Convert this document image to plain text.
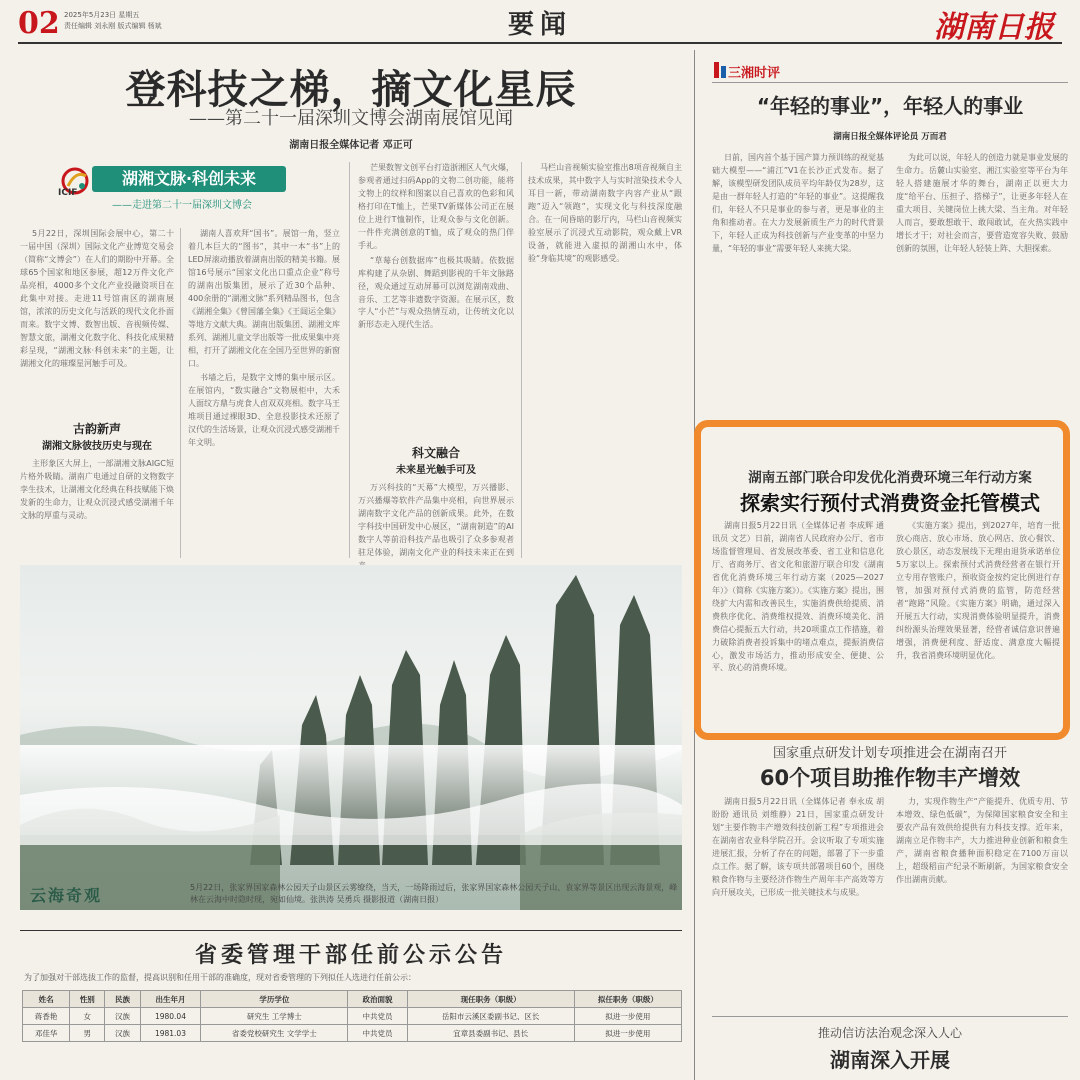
02 2025年5月23日 星期五
责任编辑 刘永刚 版式编辑 杨斌	要闻	湖南日报
登科技之梯，摘文化星辰
——第二十一届深圳文博会湖南展馆见闻
湖南日报全媒体记者 邓正可
ICIF
湖湘文脉·科创未来
——走进第二十一届深圳文博会

5月22日，深圳国际会展中心，第二十一届中国（深圳）国际文化产业博览交易会（简称“文博会”）在人们的期盼中开幕。全球65个国家和地区参展，超12万件文化产品亮相，4000多个文化产业投融资项目在此集中对接。走进11号馆南区的湖南展馆，浓浓的历史文化与活跃的现代文化扑面而来。数字文博、数智出版、音视频传媒、智慧文旅，湖湘文化数字化、科技化成果精彩呈现，“湖湘文脉·科创未来”的主题，让湖湘文化的璀璨星河触手可及。

古韵新声
湖湘文脉彼技历史与现在

主形象区大屏上，一部湖湘文脉AIGC短片格外吸睛。湖南广电通过自研的文物数字孪生技术，让湖湘文化经典在科技赋能下焕发新的生命力，让观众沉浸式感受湖湘千年文脉的厚重与灵动。

湖南人喜欢拜“国书”。展馆一角，竖立着几本巨大的“图书”，其中一本“书”上的LED屏滚动播放着湖南出版的精美书籍。展馆16号展示“国家文化出口重点企业”称号的湖南出版集团，展示了近30个品种、400余册的“湖湘文脉”系列精品图书，包含《湖湘全集》《曾国藩全集》《王闿运全集》等地方文献大典。湖南出版集团、湖湘文库系列、湖湘儿童文学出版等一批成果集中亮相，打开了湖湘文化在全国乃至世界的新窗口。

书墙之后，是数字文博的集中展示区。在展馆内，“数实融合”文物展柜中，大禾人面纹方鼎与虎食人卣双双亮相。数字马王堆项目通过裸眼3D、全息投影技术还原了汉代的生活场景，让观众沉浸式感受湖湘千年文明。

芒果数智文创平台打造浙湘区人气火爆，参观者通过扫码App的文物二创功能，能将文物上的纹样和图案以自己喜欢的色彩和风格打印在T恤上，芒果TV新媒体公司正在展位上进行T恤制作，让观众参与文化创新。一件件充满创意的T恤，成了观众的热门伴手礼。

“草莓台创数据库”也极其吸睛。依数据库构建了从杂剧、舞蹈到影视的千年文脉路径，观众通过互动屏幕可以浏览湖南戏曲、音乐、工艺等非遗数字资源。在展示区，数字人“小芒”与观众热情互动，让传统文化以新形态走入现代生活。

科文融合
未来星光触手可及

万兴科技的“天幕”大模型，万兴播影、万兴播爆等软件产品集中亮相，向世界展示湖南数字文化产品的创新成果。此外，在数字科技中国研发中心展区，“湖南制造”的AI数字人等前沿科技产品也吸引了众多参观者驻足体验，湖南文化产业的科技未来正在到

马栏山音视频实验室推出8项音视频自主技术成果，其中数字人与实时渲染技术令人耳目一新，带动湖南数字内容产业从“跟跑”迈入“领跑”，实现文化与科技深度融合。在一间昏暗的影厅内，马栏山音视频实验室展示了沉浸式互动影院，观众戴上VR设备，就能进入虚拟的湖湘山水中，体验“身临其境”的观影感受。

云海奇观	5月22日，张家界国家森林公园天子山景区云雾缭绕，当天，一场降雨过后，张家界国家森林公园天子山、袁家界等景区出现云海景观，峰林在云海中时隐时现，宛如仙境。张洪涛 吴勇兵 摄影报道（湖南日报）
省委管理干部任前公示公告
为了加强对干部选拔工作的监督，提高识别和任用干部的准确度，现对省委管理的下列拟任人选进行任前公示：
姓名	性别	民族	出生年月	学历学位	政治面貌	现任职务（职级）	拟任职务（职级）
蒋香艳	女	汉族	1980.04	研究生 工学博士	中共党员	岳阳市云溪区委副书记、区长	拟进一步使用
邓佳华	男	汉族	1981.03	省委党校研究生 文学学士	中共党员	宜章县委副书记、县长	拟进一步使用
三湘时评
“年轻的事业”，年轻人的事业
湖南日报全媒体评论员 万而君

日前，国内首个基于国产算力预训练的视觉基础大模型——“浦江”V1在长沙正式发布。据了解，该模型研发团队成员平均年龄仅为28岁，这是由一群年轻人打造的“年轻的事业”。这提醒我们，年轻人不只是事业的参与者，更是事业的主角和推动者。在大力发展新质生产力的时代背景下，年轻人正成为科技创新与产业变革的中坚力量，“年轻的事业”需要年轻人来挑大梁。

为此可以说，年轻人的创造力就是事业发展的生命力。岳麓山实验室、湘江实验室等平台为年轻人搭建施展才华的舞台，湖南正以更大力度“给平台、压担子、搭梯子”，让更多年轻人在重大项目、关键岗位上挑大梁、当主角。对年轻人而言，要敢想敢干、敢闯敢试，在火热实践中增长才干；对社会而言，要营造宽容失败、鼓励创新的氛围，让年轻人轻装上阵、大胆探索。

湖南五部门联合印发优化消费环境三年行动方案
探索实行预付式消费资金托管模式

湖南日报5月22日讯（全媒体记者 李成辉 通讯员 文艺）日前，湖南省人民政府办公厅、省市场监督管理局、省发展改革委、省工业和信息化厅、省商务厅、省文化和旅游厅联合印发《湖南省优化消费环境三年行动方案（2025—2027年）》（简称《实施方案》）。《实施方案》提出，围绕扩大内需和改善民生，实施消费供给提质、消费秩序优化、消费维权提效、消费环境美化、消费信心提振五大行动，共20项重点工作措施，着力破除消费者投诉集中的堵点难点，提振消费信心，激发市场活力，推动形成安全、便捷、公平、放心的消费环境。

《实施方案》提出，到2027年，培育一批放心商店、放心市场、放心网店、放心餐饮、放心景区，动态发展线下无理由退货承诺单位5万家以上。探索预付式消费经营者在银行开立专用存管账户，预收资金按约定比例进行存管，加强对预付式消费的监管，防范经营者“跑路”风险。《实施方案》明确，通过深入开展五大行动，实现消费体验明显提升，消费纠纷源头治理效果显著，经营者诚信意识普遍增强，消费便利度、舒适度、满意度大幅提升，我省消费环境明显优化。

国家重点研发计划专项推进会在湖南召开
60个项目助推作物丰产增效

湖南日报5月22日讯（全媒体记者 奉永成 胡盼盼 通讯员 刘维静）21日，国家重点研发计划“主要作物丰产增效科技创新工程”专项推进会在湖南省农业科学院召开。会议听取了专项实施进展汇报，分析了存在的问题，部署了下一步重点工作。据了解，该专项共部署项目60个，围绕粮食作物与主要经济作物生产周年丰产高效等方向开展攻关，已形成一批关键技术与成果。

力，实现作物生产“产能提升、优质专用、节本增效、绿色低碳”，为保障国家粮食安全和主要农产品有效供给提供有力科技支撑。近年来，湖南立足作物丰产，大力推进种业创新和粮食生产，湖南省粮食播种面积稳定在7100万亩以上，超级稻亩产纪录不断刷新，为国家粮食安全作出湖南贡献。

推动信访法治观念深入人心
湖南深入开展
